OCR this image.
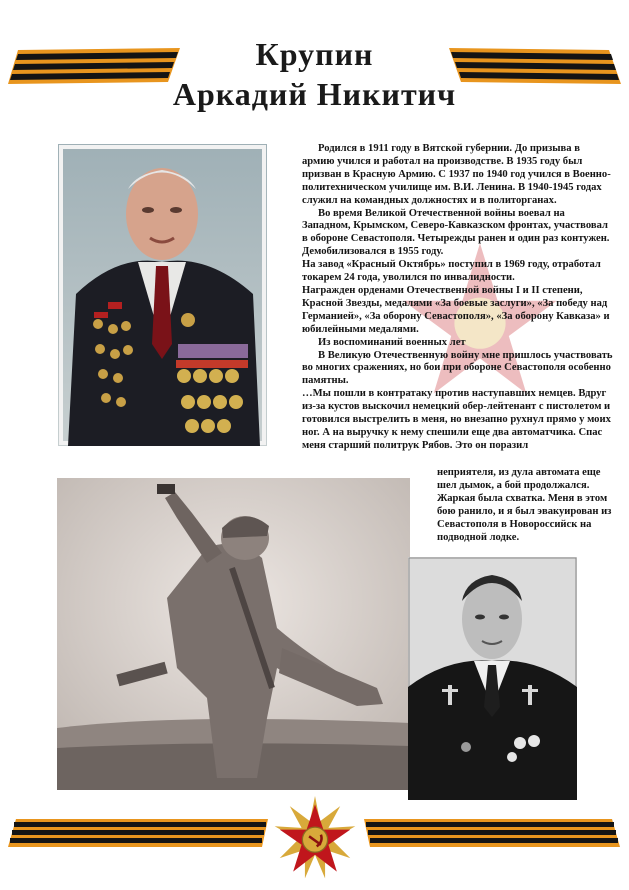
Крупин
Аркадий Никитич

Родился в 1911 году в Вятской губернии. До призыва в армию учился и работал на производстве. В 1935 году был призван в Красную Армию. С 1937 по 1940 год учился в Военно-политехническом училище им. В.И. Ленина. В 1940-1945 годах служил на командных должностях и в политорганах.

Во время Великой Отечественной войны воевал на Западном, Крымском, Северо-Кавказском фронтах, участвовал в обороне Севастополя. Четырежды ранен и один раз контужен. Демобилизовался в 1955 году.

На завод «Красный Октябрь» поступил в 1969 году, отработал токарем 24 года, уволился по инвалидности.

Награжден орденами Отечественной войны I и II степени, Красной Звезды, медалями «За боевые заслуги», «За победу над Германией», «За оборону Севастополя», «За оборону Кавказа» и юбилейными медалями.

Из воспоминаний военных лет

В Великую Отечественную войну мне пришлось участвовать во многих сражениях, но бои при обороне Севастополя особенно памятны.

…Мы пошли в контратаку против наступавших немцев. Вдруг из-за кустов выскочил немецкий обер-лейтенант с пистолетом и готовился выстрелить в меня, но внезапно рухнул прямо у моих ног. А на выручку к нему спешили еще два автоматчика. Спас меня старший политрук Рябов. Это он поразил

неприятеля, из дула автомата еще шел дымок, а бой продолжался. Жаркая была схватка. Меня в этом бою ранило, и я был эвакуирован из Севастополя в Новороссийск на подводной лодке.
